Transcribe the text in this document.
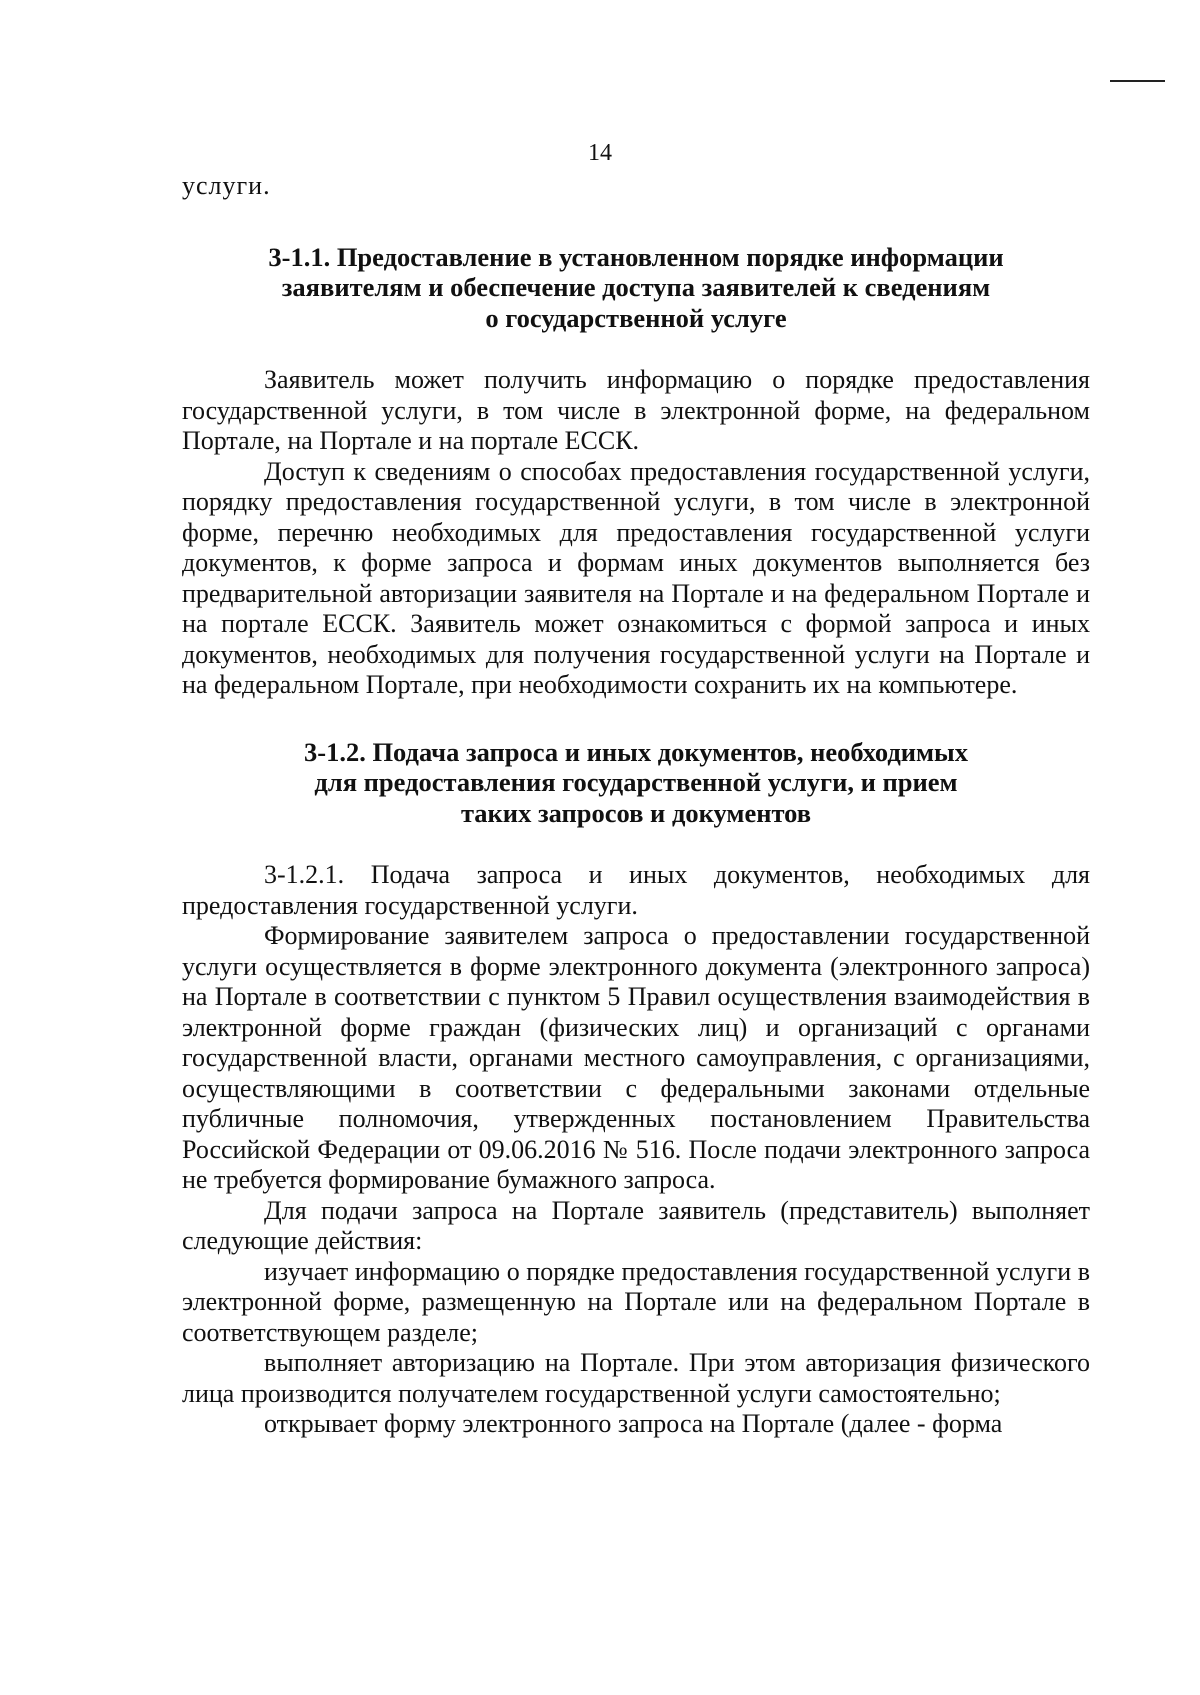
14

услуги.

3-1.1. Предоставление в установленном порядке информации
заявителям и обеспечение доступа заявителей к сведениям
о государственной услуге

Заявитель может получить информацию о порядке предоставления государственной услуги, в том числе в электронной форме, на федеральном Портале, на Портале и на портале ЕССК.

Доступ к сведениям о способах предоставления государственной услуги, порядку предоставления государственной услуги, в том числе в электронной форме, перечню необходимых для предоставления государственной услуги документов, к форме запроса и формам иных документов выполняется без предварительной авторизации заявителя на Портале и на федеральном Портале и на портале ЕССК. Заявитель может ознакомиться с формой запроса и иных документов, необходимых для получения государственной услуги на Портале и на федеральном Портале, при необходимости сохранить их на компьютере.

3-1.2. Подача запроса и иных документов, необходимых
для предоставления государственной услуги, и прием
таких запросов и документов

3-1.2.1. Подача запроса и иных документов, необходимых для предоставления государственной услуги.

Формирование заявителем запроса о предоставлении государственной услуги осуществляется в форме электронного документа (электронного запроса) на Портале в соответствии с пунктом 5 Правил осуществления взаимодействия в электронной форме граждан (физических лиц) и организаций с органами государственной власти, органами местного самоуправления, с организациями, осуществляющими в соответствии с федеральными законами отдельные публичные полномочия, утвержденных постановлением Правительства Российской Федерации от 09.06.2016 № 516. После подачи электронного запроса не требуется формирование бумажного запроса.

Для подачи запроса на Портале заявитель (представитель) выполняет следующие действия:

изучает информацию о порядке предоставления государственной услуги в электронной форме, размещенную на Портале или на федеральном Портале в соответствующем разделе;

выполняет авторизацию на Портале. При этом авторизация физического лица производится получателем государственной услуги самостоятельно;

открывает форму электронного запроса на Портале (далее - форма
